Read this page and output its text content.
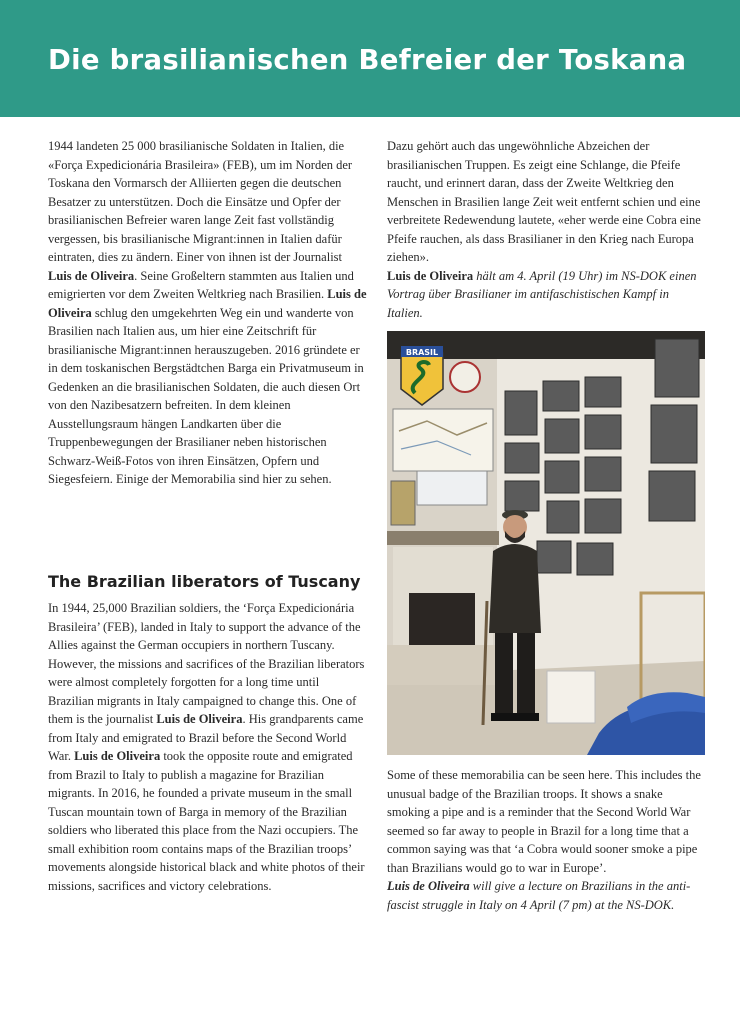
Die brasilianischen Befreier der Toskana

1944 landeten 25 000 brasilianische Soldaten in Italien, die «Força Expedicionária Brasileira» (FEB), um im Norden der Toskana den Vormarsch der Alliierten gegen die deutschen Besatzer zu unterstützen. Doch die Einsätze und Opfer der brasilianischen Befreier waren lange Zeit fast vollständig vergessen, bis brasilianische Migrant:innen in Italien dafür eintraten, dies zu ändern. Einer von ihnen ist der Journalist Luis de Oliveira. Seine Großeltern stammten aus Italien und emigrierten vor dem Zweiten Weltkrieg nach Brasilien. Luis de Oliveira schlug den umgekehrten Weg ein und wanderte von Brasilien nach Italien aus, um hier eine Zeitschrift für brasilianische Migrant:innen herauszugeben. 2016 gründete er in dem toskanischen Bergstädtchen Barga ein Privatmuseum in Gedenken an die brasilianischen Soldaten, die auch diesen Ort von den Nazibesatzern befreiten. In dem kleinen Ausstellungsraum hängen Landkarten über die Truppenbewegungen der Brasilianer neben historischen Schwarz-Weiß-Fotos von ihren Einsätzen, Opfern und Siegesfeiern. Einige der Memorabilia sind hier zu sehen.

Dazu gehört auch das ungewöhnliche Abzeichen der brasilianischen Truppen. Es zeigt eine Schlange, die Pfeife raucht, und erinnert daran, dass der Zweite Weltkrieg den Menschen in Brasilien lange Zeit weit entfernt schien und eine verbreitete Redewendung lautete, «eher werde eine Cobra eine Pfeife rauchen, als dass Brasilianer in den Krieg nach Europa ziehen».

Luis de Oliveira hält am 4. April (19 Uhr) im NS-DOK einen Vortrag über Brasilianer im antifaschistischen Kampf in Italien.

The Brazilian liberators of Tuscany

In 1944, 25,000 Brazilian soldiers, the ‘Força Expedicionária Brasileira’ (FEB), landed in Italy to support the advance of the Allies against the German occupiers in northern Tuscany. However, the missions and sacrifices of the Brazilian liberators were almost completely forgotten for a long time until Brazilian migrants in Italy campaigned to change this. One of them is the journalist Luis de Oliveira. His grandparents came from Italy and emigrated to Brazil before the Second World War. Luis de Oliveira took the opposite route and emigrated from Brazil to Italy to publish a magazine for Brazilian migrants. In 2016, he founded a private museum in the small Tuscan mountain town of Barga in memory of the Brazilian soldiers who liberated this place from the Nazi occupiers. The small exhibition room contains maps of the Brazilian troops’ movements alongside historical black and white photos of their missions, sacrifices and victory celebrations.

BRASIL

Some of these memorabilia can be seen here. This includes the unusual badge of the Brazilian troops. It shows a snake smoking a pipe and is a reminder that the Second World War seemed so far away to people in Brazil for a long time that a common saying was that ‘a Cobra would sooner smoke a pipe than Brazilians would go to war in Europe’.

Luis de Oliveira will give a lecture on Brazilians in the anti-fascist struggle in Italy on 4 April (7 pm) at the NS-DOK.
